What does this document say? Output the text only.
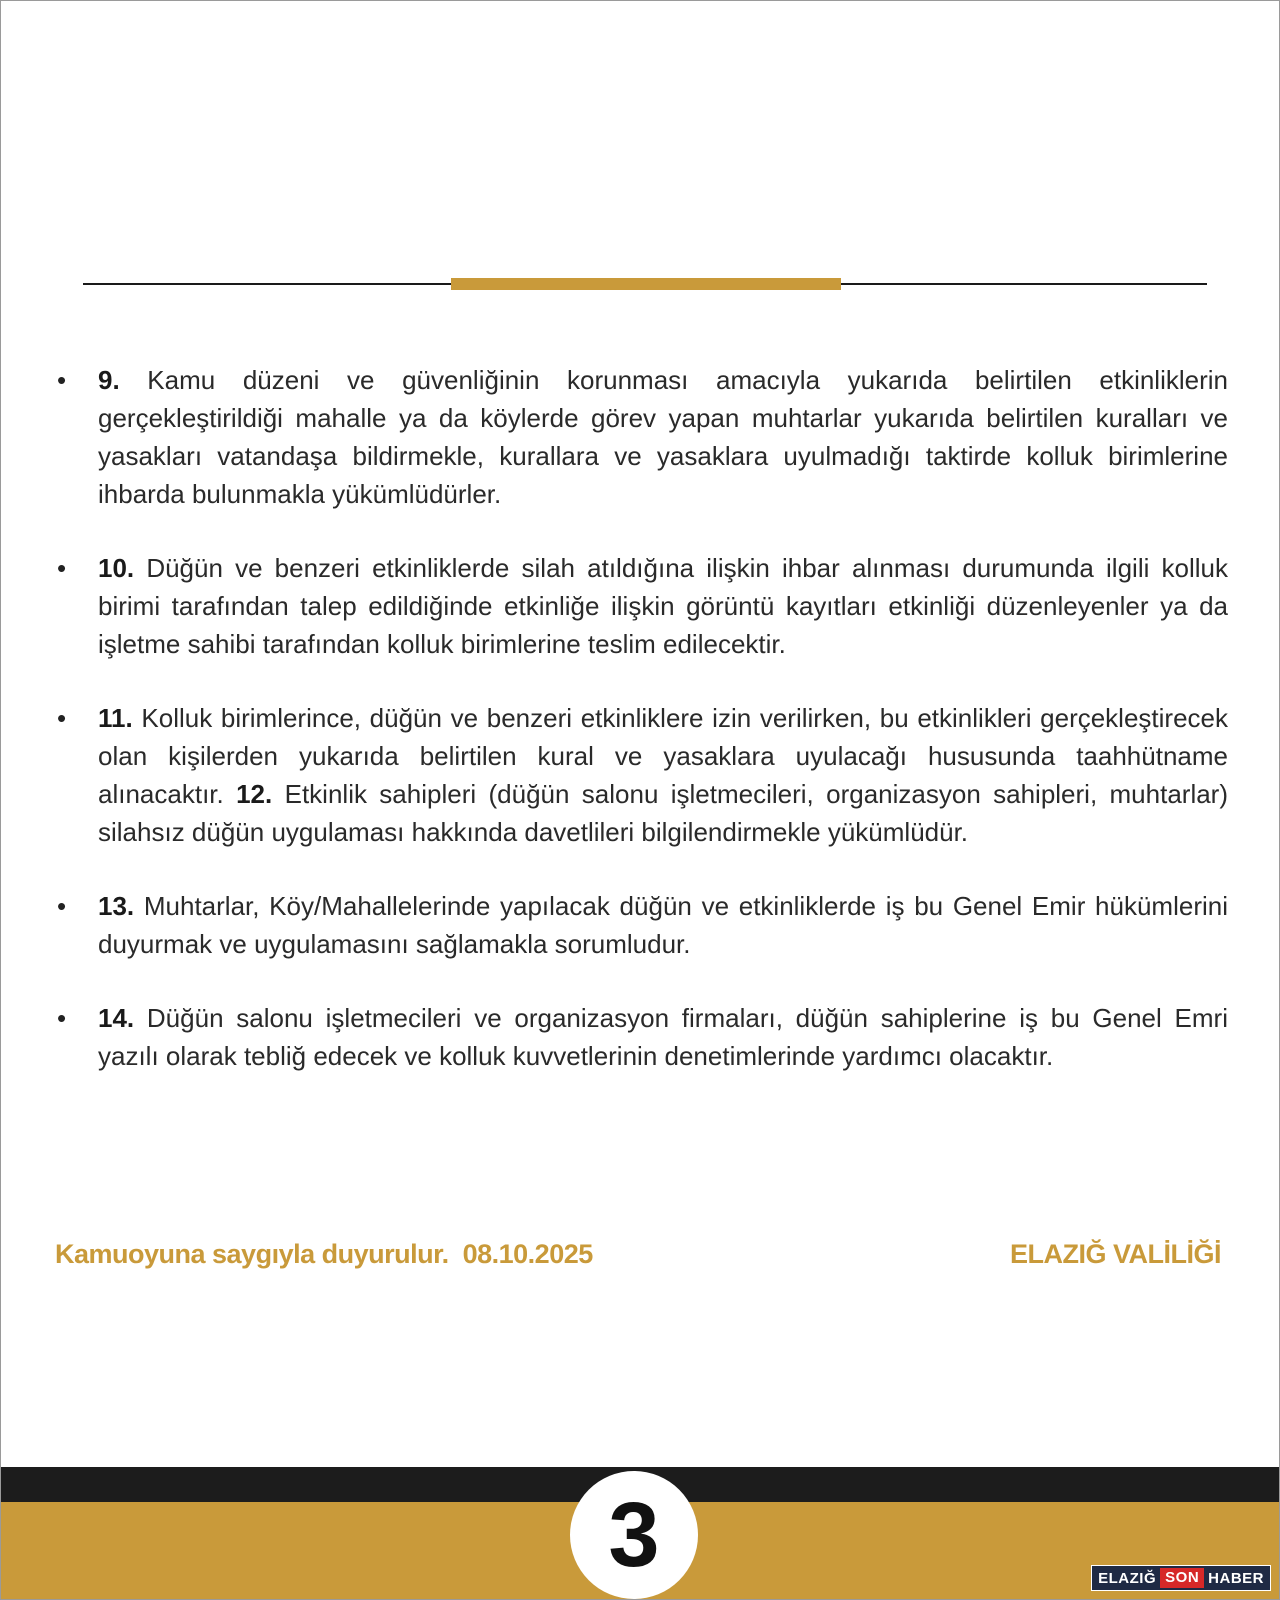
• 9. Kamu düzeni ve güvenliğinin korunması amacıyla yukarıda belirtilen etkinliklerin gerçekleştirildiği mahalle ya da köylerde görev yapan muhtarlar yukarıda belirtilen kuralları ve yasakları vatandaşa bildirmekle, kurallara ve yasaklara uyulmadığı taktirde kolluk birimlerine ihbarda bulunmakla yükümlüdürler.

• 10. Düğün ve benzeri etkinliklerde silah atıldığına ilişkin ihbar alınması durumunda ilgili kolluk birimi tarafından talep edildiğinde etkinliğe ilişkin görüntü kayıtları etkinliği düzenleyenler ya da işletme sahibi tarafından kolluk birimlerine teslim edilecektir.

• 11. Kolluk birimlerince, düğün ve benzeri etkinliklere izin verilirken, bu etkinlikleri gerçekleştirecek olan kişilerden yukarıda belirtilen kural ve yasaklara uyulacağı hususunda taahhütname alınacaktır. 12. Etkinlik sahipleri (düğün salonu işletmecileri, organizasyon sahipleri, muhtarlar) silahsız düğün uygulaması hakkında davetlileri bilgilendirmekle yükümlüdür.

• 13. Muhtarlar, Köy/Mahallelerinde yapılacak düğün ve etkinliklerde iş bu Genel Emir hükümlerini duyurmak ve uygulamasını sağlamakla sorumludur.

• 14. Düğün salonu işletmecileri ve organizasyon firmaları, düğün sahiplerine iş bu Genel Emri yazılı olarak tebliğ edecek ve kolluk kuvvetlerinin denetimlerinde yardımcı olacaktır.

Kamuoyuna saygıyla duyurulur.  08.10.2025	ELAZIĞ VALİLİĞİ
3	ELAZIĞ SON HABER
